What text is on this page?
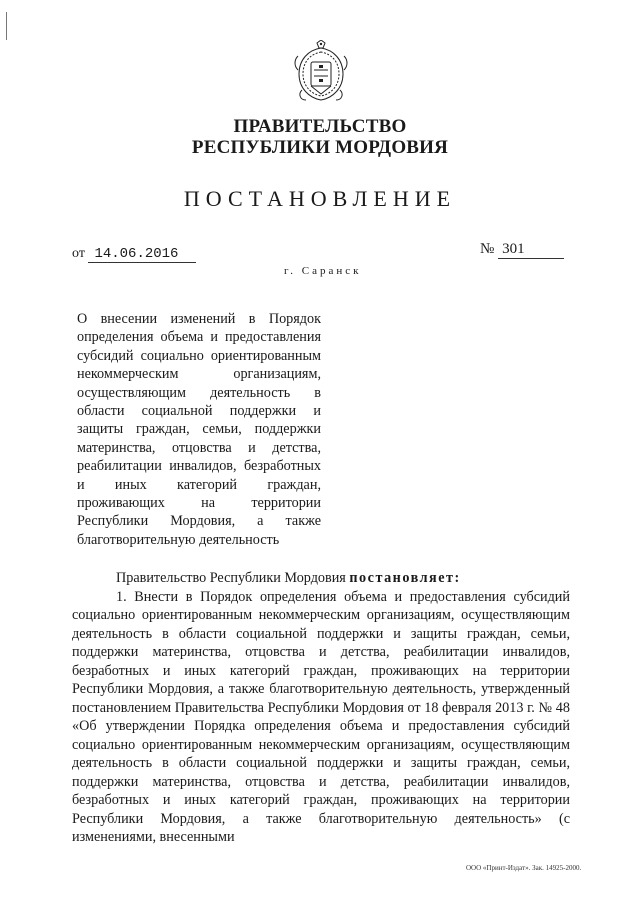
ПРАВИТЕЛЬСТВО
РЕСПУБЛИКИ МОРДОВИЯ
ПОСТАНОВЛЕНИЕ
от 14.06.2016	№ 301
г. Саранск

О внесении изменений в Порядок определения объема и предоставления субсидий социально ориентированным некоммерческим организациям, осуществляющим деятельность в области социальной поддержки и защиты граждан, семьи, поддержки материнства, отцовства и детства, реабилитации инвалидов, безработных и иных категорий граждан, проживающих на территории Республики Мордовия, а также благотворительную деятельность

Правительство Республики Мордовия постановляет:

1. Внести в Порядок определения объема и предоставления субсидий социально ориентированным некоммерческим организациям, осуществляющим деятельность в области социальной поддержки и защиты граждан, семьи, поддержки материнства, отцовства и детства, реабилитации инвалидов, безработных и иных категорий граждан, проживающих на территории Республики Мордовия, а также благотворительную деятельность, утвержденный постановлением Правительства Республики Мордовия от 18 февраля 2013 г. № 48 «Об утверждении Порядка определения объема и предоставления субсидий социально ориентированным некоммерческим организациям, осуществляющим деятельность в области социальной поддержки и защиты граждан, семьи, поддержки материнства, отцовства и детства, реабилитации инвалидов, безработных и иных категорий граждан, проживающих на территории Республики Мордовия, а также благотворительную деятельность» (с изменениями, внесенными

ООО «Принт-Издат». Зак. 14925-2000.
